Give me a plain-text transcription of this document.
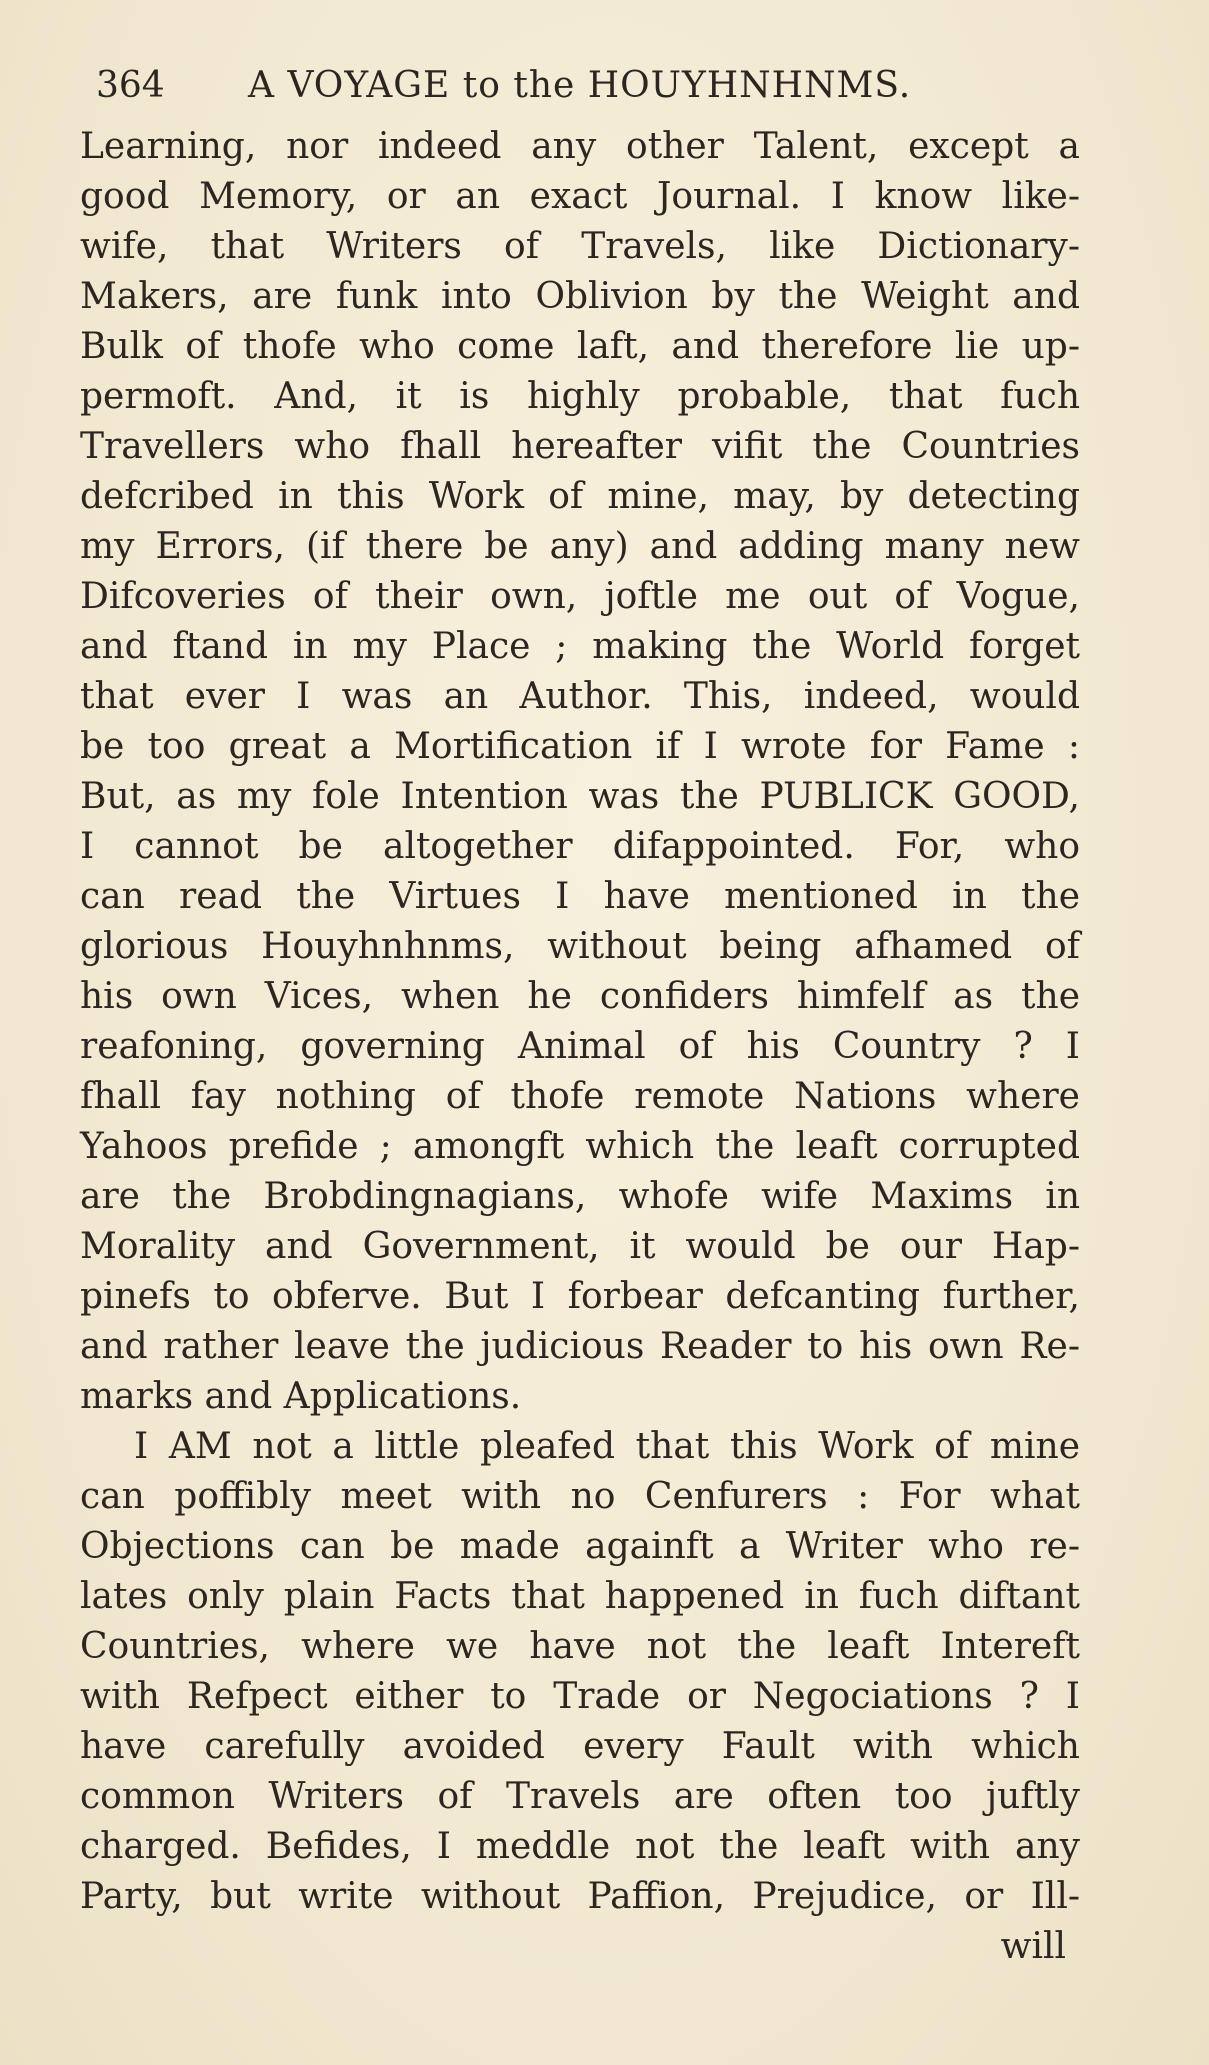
364 A VOYAGE to the HOUYHNHNMS.
Learning, nor indeed any other Talent, except a
good Memory, or an exact Journal. I know like-
wife, that Writers of Travels, like Dictionary-
Makers, are funk into Oblivion by the Weight and
Bulk of thofe who come laft, and therefore lie up-
permoft. And, it is highly probable, that fuch
Travellers who fhall hereafter vifit the Countries
defcribed in this Work of mine, may, by detecting
my Errors, (if there be any) and adding many new
Difcoveries of their own, joftle me out of Vogue,
and ftand in my Place ; making the World forget
that ever I was an Author. This, indeed, would
be too great a Mortification if I wrote for Fame :
But, as my fole Intention was the PUBLICK GOOD,
I cannot be altogether difappointed. For, who
can read the Virtues I have mentioned in the
glorious Houyhnhnms, without being afhamed of
his own Vices, when he confiders himfelf as the
reafoning, governing Animal of his Country ? I
fhall fay nothing of thofe remote Nations where
Yahoos prefide ; amongft which the leaft corrupted
are the Brobdingnagians, whofe wife Maxims in
Morality and Government, it would be our Hap-
pinefs to obferve. But I forbear defcanting further,
and rather leave the judicious Reader to his own Re-
marks and Applications.
I AM not a little pleafed that this Work of mine
can poffibly meet with no Cenfurers : For what
Objections can be made againft a Writer who re-
lates only plain Facts that happened in fuch diftant
Countries, where we have not the leaft Intereft
with Refpect either to Trade or Negociations ? I
have carefully avoided every Fault with which
common Writers of Travels are often too juftly
charged. Befides, I meddle not the leaft with any
Party, but write without Paffion, Prejudice, or Ill-
will
